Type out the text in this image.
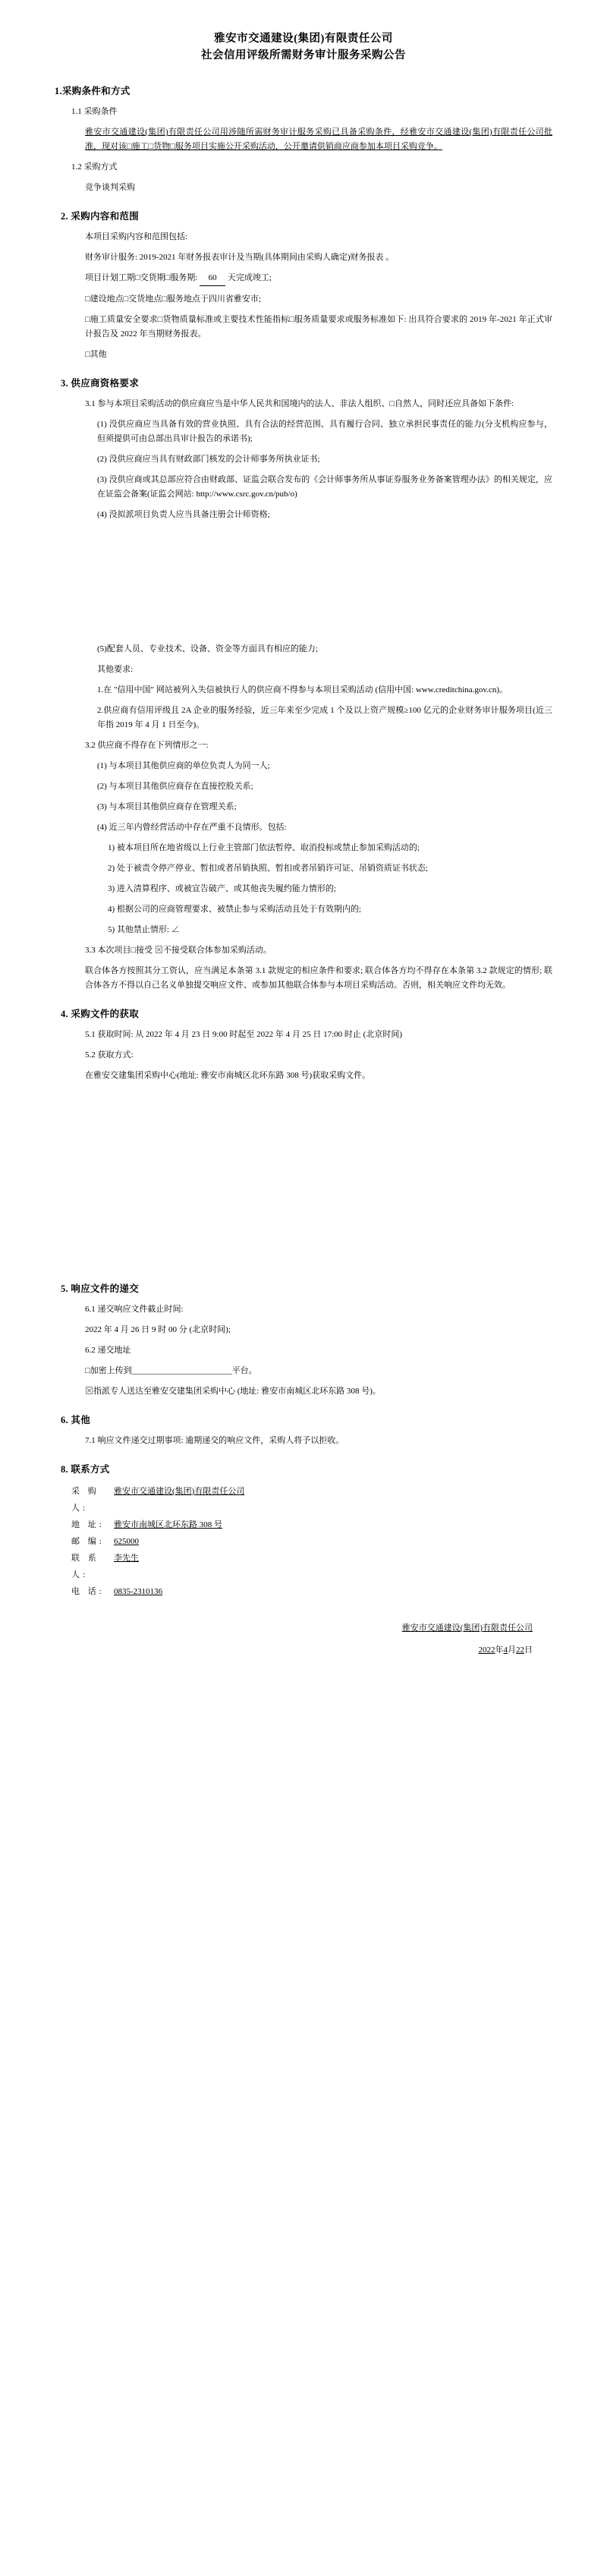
雅安市交通建设(集团)有限责任公司
社会信用评级所需财务审计服务采购公告
1.采购条件和方式

1.1 采购条件

雅安市交通建设(集团)有限责任公司用涉随所需财务审计服务采购已具备采购条件，经雅安市交通建设(集团)有限责任公司批准，现对该□施工□货物□服务项目实施公开采购活动，公开邀请供销商应商参加本项目采购竞争。

1.2 采购方式

竞争谈判采购

2. 采购内容和范围

本项目采购内容和范围包括:

财务审计服务: 2019-2021 年财务报表审计及当期(具体期间由采购人确定)财务报表 。

项目计划工期□交货期□服务期: 60 天完成竣工;

□建设地点□交货地点□服务地点于四川省雅安市;

□施工质量安全要求□货物质量标准或主要技术性能指标□服务质量要求或服务标准如下: 出具符合要求的 2019 年-2021 年正式审计报告及 2022 年当期财务报表。

□其他

3. 供应商资格要求

3.1 参与本项目采购活动的供应商应当是中华人民共和国境内的法人、非法人组织、□自然人，同时还应具备如下条件:

(1) 没供应商应当具备有效的营业执照、具有合法的经营范围、具有履行合同、独立承担民事责任的能力(分支机构应参与，但须提供可由总部出具审计报告的承诺书);

(2) 没供应商应当具有财政部门核发的会计师事务所执业证书;

(3) 没供应商或其总部应符合由财政部、证监会联合发布的《会计师事务所从事证券服务业务备案管理办法》的相关规定，应在证监会备案(证监会网站: http://www.csrc.gov.cn/pub/o)

(4) 没拟派项目负责人应当具备注册会计师资格;

(5)配套人员、专业技术、设备、资金等方面具有相应的能力;

其他要求:

1.在 "信用中国" 网站被列入失信被执行人的供应商不得参与本项目采购活动 (信用中国: www.creditchina.gov.cn)。

2.供应商有信用评级且 2A 企业的服务经验，近三年来至少完成 1 个及以上资产规模≥100 亿元的企业财务审计服务项目(近三年指 2019 年 4 月 1 日至今)。

3.2 供应商不得存在下列情形之一:

(1) 与本项目其他供应商的单位负责人为同一人;

(2) 与本项目其他供应商存在直接控股关系;

(3) 与本项目其他供应商存在管理关系;

(4) 近三年内曾经营活动中存在严重不良情形。包括:

1) 被本项目所在地省级以上行业主管部门依法暂停、取消投标或禁止参加采购活动的;

2) 处于被责令停产停业、暂扣或者吊销执照、暂扣或者吊销许可证、吊销资质证书状态;

3) 进入清算程序、或被宣告破产、或其他丧失履约能力情形的;

4) 根据公司的应商管理要求、被禁止参与采购活动且处于有效期内的;

5) 其他禁止情形: ∠

3.3 本次项目□接受 ⊠不接受联合体参加采购活动。

联合体各方按照其分工资认，应当满足本条第 3.1 款规定的相应条件和要求; 联合体各方均不得存在本条第 3.2 款规定的情形; 联合体各方不得以自己名义单独提交响应文件、或参加其他联合体参与本项目采购活动。否则，相关响应文件均无效。

4. 采购文件的获取

5.1 获取时间: 从 2022 年 4 月 23 日 9:00 时起至 2022 年 4 月 25 日 17:00 时止 (北京时间)

5.2 获取方式:

在雅安交建集团采购中心(地址: 雅安市南城区北环东路 308 号)获取采购文件。

5. 响应文件的递交

6.1 递交响应文件截止时间:

2022 年 4 月 26 日 9 时 00 分 (北京时间);

6.2 递交地址

□加密上传到________________________平台。

⊠指派专人送达至雅安交建集团采购中心 (地址: 雅安市南城区北环东路 308 号)。

6. 其他

7.1 响应文件递交过期事项: 逾期递交的响应文件，采购人将予以拒收。

8. 联系方式
采 购 人:
雅安市交通建设(集团)有限责任公司
地 址:	雅安市南城区北环东路 308 号
邮 编:	625000
联 系 人:
李先生
电 话:	0835-2310136

雅安市交通建设(集团)有限责任公司

2022年4月22日
